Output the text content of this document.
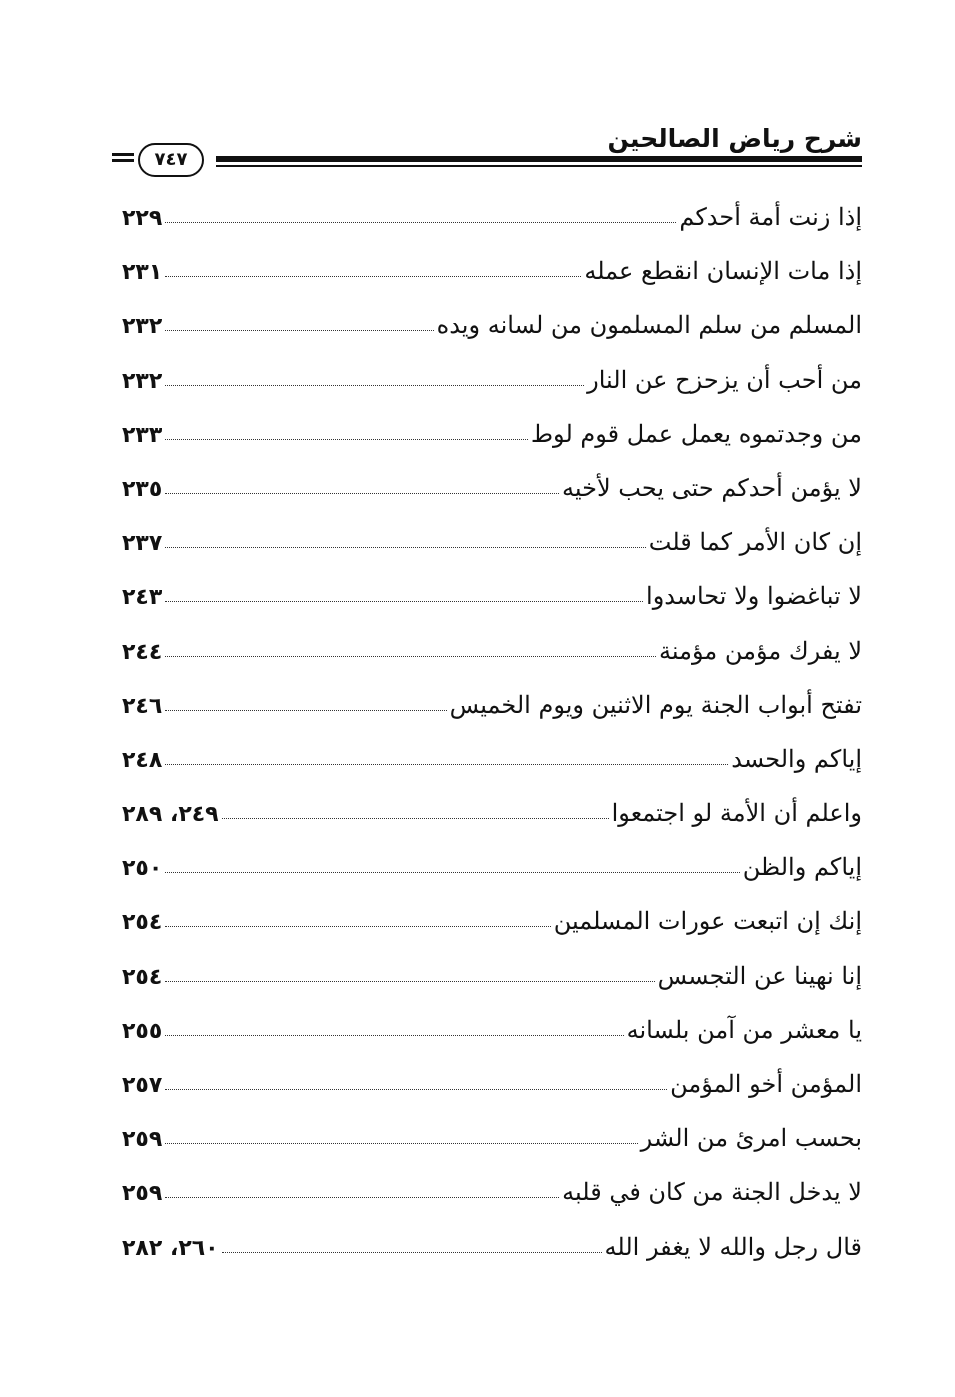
شرح رياض الصالحين
٧٤٧
إذا زنت أمة أحدكم
٢٢٩
إذا مات الإنسان انقطع عمله
٢٣١
المسلم من سلم المسلمون من لسانه ويده
٢٣٢
من أحب أن يزحزح عن النار
٢٣٢
من وجدتموه يعمل عمل قوم لوط
٢٣٣
لا يؤمن أحدكم حتى يحب لأخيه
٢٣٥
إن كان الأمر كما قلت
٢٣٧
لا تباغضوا ولا تحاسدوا
٢٤٣
لا يفرك مؤمن مؤمنة
٢٤٤
تفتح أبواب الجنة يوم الاثنين ويوم الخميس
٢٤٦
إياكم والحسد
٢٤٨
واعلم أن الأمة لو اجتمعوا
٢٤٩، ٢٨٩
إياكم والظن
٢٥٠
إنك إن اتبعت عورات المسلمين
٢٥٤
إنا نهينا عن التجسس
٢٥٤
يا معشر من آمن بلسانه
٢٥٥
المؤمن أخو المؤمن
٢٥٧
بحسب امرئ من الشر
٢٥٩
لا يدخل الجنة من كان في قلبه
٢٥٩
قال رجل والله لا يغفر الله
٢٦٠، ٢٨٢
